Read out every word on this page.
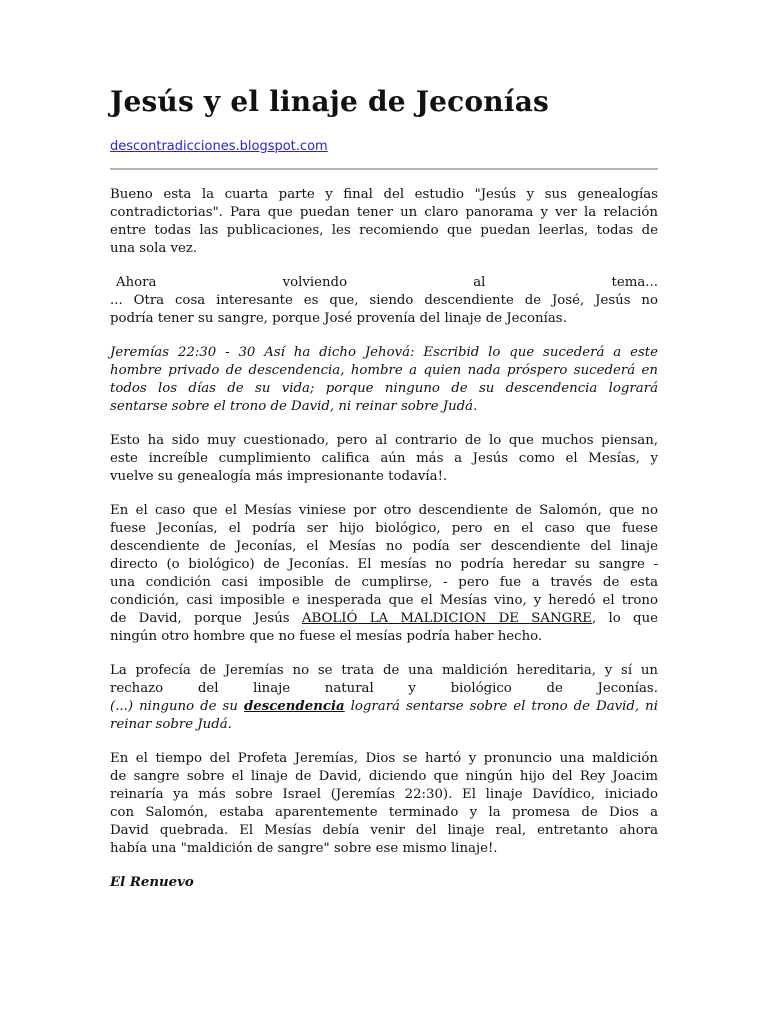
Jesús y el linaje de Jeconías
descontradicciones.blogspot.com

Bueno esta la cuarta parte y final del estudio "Jesús y sus genealogías
contradictorias". Para que puedan tener un claro panorama y ver la relación
entre todas las publicaciones, les recomiendo que puedan leerlas, todas de
una sola vez.

Ahora	volviendo	al	tema...
... Otra cosa interesante es que, siendo descendiente de José, Jesús no
podría tener su sangre, porque José provenía del linaje de Jeconías.

Jeremías 22:30 - 30 Así ha dicho Jehová: Escribid lo que sucederá a este
hombre privado de descendencia, hombre a quien nada próspero sucederá en
todos los días de su vida; porque ninguno de su descendencia logrará
sentarse sobre el trono de David, ni reinar sobre Judá.

Esto ha sido muy cuestionado, pero al contrario de lo que muchos piensan,
este increíble cumplimiento califica aún más a Jesús como el Mesías, y
vuelve su genealogía más impresionante todavía!.

En el caso que el Mesías viniese por otro descendiente de Salomón, que no
fuese Jeconías, el podría ser hijo biológico, pero en el caso que fuese
descendiente de Jeconías, el Mesías no podía ser descendiente del linaje
directo (o biológico) de Jeconías. El mesías no podría heredar su sangre -
una condición casi imposible de cumplirse, - pero fue a través de esta
condición, casi imposible e inesperada que el Mesías vino, y heredó el trono
de David, porque Jesús ABOLIÓ LA MALDICION DE SANGRE, lo que
ningún otro hombre que no fuese el mesías podría haber hecho.

La profecía de Jeremías no se trata de una maldición hereditaria, y sí un
rechazo	del	linaje	natural	y	biológico	de	Jeconías.
(...) ninguno de su descendencia logrará sentarse sobre el trono de David, ni
reinar sobre Judá.

En el tiempo del Profeta Jeremías, Dios se hartó y pronuncio una maldición
de sangre sobre el linaje de David, diciendo que ningún hijo del Rey Joacim
reinaría ya más sobre Israel (Jeremías 22:30). El linaje Davídico, iniciado
con Salomón, estaba aparentemente terminado y la promesa de Dios a
David quebrada. El Mesías debía venir del linaje real, entretanto ahora
había una "maldición de sangre" sobre ese mismo linaje!.

El Renuevo
